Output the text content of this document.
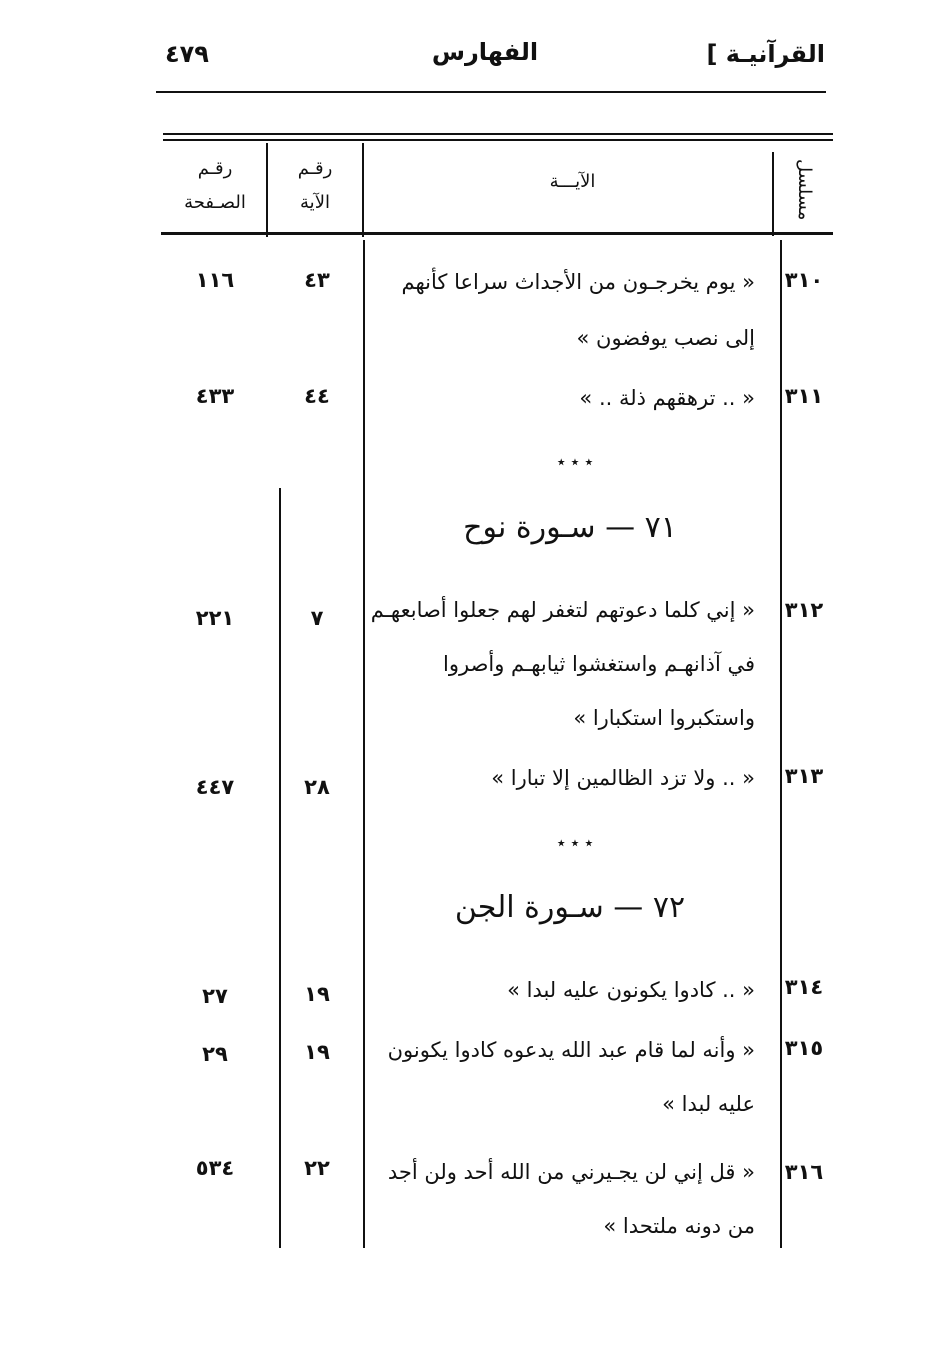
٤٧٩	الفهارس	القرآنيـة ]
مسلسل
الآيـــة
رقـم
الآية
رقـم
الصـفحة
٣١٠
« يوم يخرجـون من الأجداث سراعا كأنهم
إلى نصب يوفضون »
٤٣
١١٦
٣١١
« .. ترهقهم ذلة .. »
٤٤
٤٣٣
٭ ٭ ٭
٧١ — سـورة نوح
٣١٢
« إني كلما دعوتهم لتغفر لهم جعلوا أصابعهـم
في آذانهـم واستغشوا ثيابهـم وأصروا
واستكبروا استكبارا »
٧
٢٢١
٣١٣
« .. ولا تزد الظالمين إلا تبارا »
٢٨
٤٤٧
٭ ٭ ٭
٧٢ — سـورة الجن
٣١٤
« .. كادوا يكونون عليه لبدا »
١٩
٢٧
٣١٥
« وأنه لما قام عبد الله يدعوه كادوا يكونون
عليه لبدا »
١٩
٢٩
٣١٦
« قل إني لن يجـيرني من الله أحد ولن أجد
من دونه ملتحدا »
٢٢
٥٣٤
